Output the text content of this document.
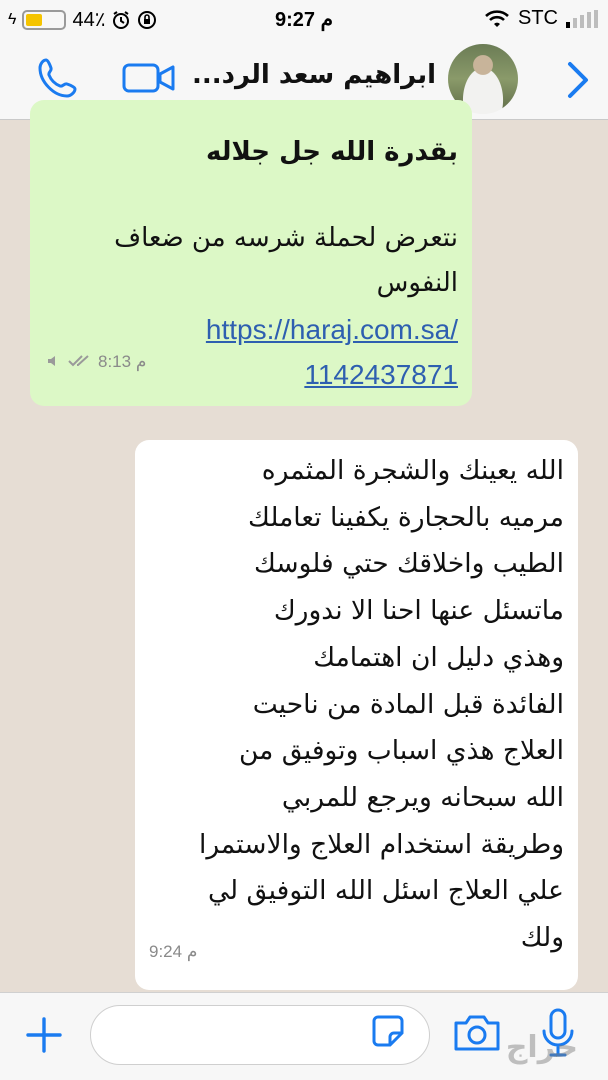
ϟ	44٪	9:27 م	STC
ابراهيم سعد الرد...
بقدرة الله جل جلاله
نتعرض لحملة شرسه من ضعاف
النفوس
https://haraj.com.sa/
1142437871
8:13 م
الله يعينك والشجرة المثمره
مرميه بالحجارة يكفينا تعاملك
الطيب واخلاقك حتي فلوسك
ماتسئل عنها احنا الا ندورك
وهذي دليل ان اهتمامك
الفائدة قبل المادة من ناحيت
العلاج هذي اسباب وتوفيق من
الله سبحانه ويرجع للمربي
وطريقة استخدام العلاج والاستمرا
علي العلاج اسئل الله التوفيق لي
ولك
9:24 م
حراج
